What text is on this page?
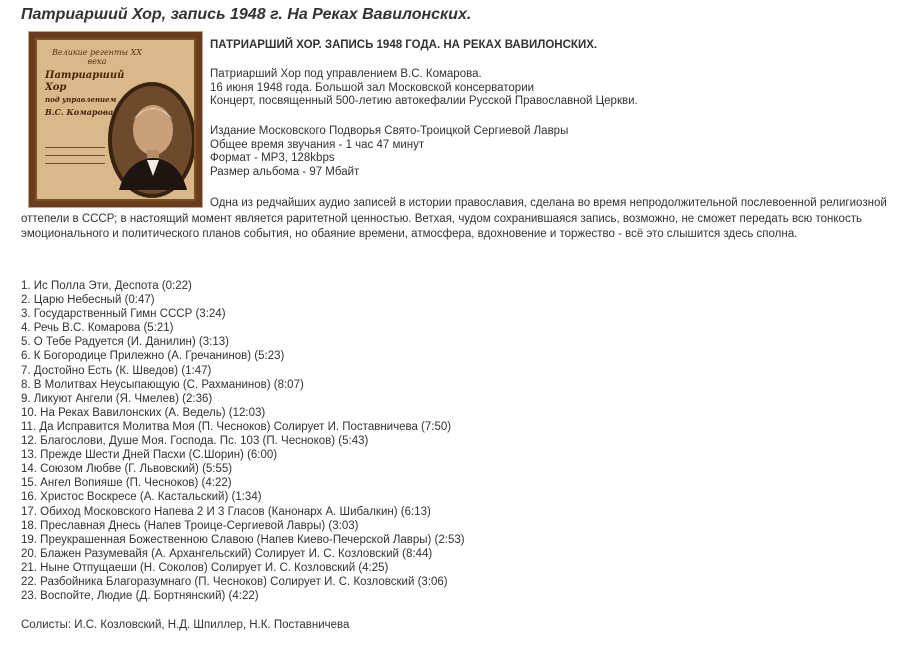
Патриарший Хор, запись 1948 г. На Реках Вавилонских.
Великие регенты XX века
Патриарший
Хор
под управлением
В.С. Комарова
ПАТРИАРШИЙ ХОР. ЗАПИСЬ 1948 ГОДА. НА РЕКАХ ВАВИЛОНСКИХ.
Патриарший Хор под управлением В.С. Комарова.
16 июня 1948 года. Большой зал Московской консерватории
Концерт, посвященный 500-летию автокефалии Русской Православной Церкви.
Издание Московского Подворья Свято-Троицкой Сергиевой Лавры
Общее время звучания - 1 час 47 минут
Формат - MP3, 128kbps
Размер альбома - 97 Мбайт

Одна из редчайших аудио записей в истории православия, сделана во время непродолжительной послевоенной религиозной оттепели в СССР; в настоящий момент является раритетной ценностью. Ветхая, чудом сохранившаяся запись, возможно, не сможет передать всю тонкость эмоционального и политического планов события, но обаяние времени, атмосфера, вдохновение и торжество - всё это слышится здесь сполна.

1. Ис Полла Эти, Деспота (0:22)
2. Царю Небесный (0:47)
3. Государственный Гимн СССР (3:24)
4. Речь В.С. Комарова (5:21)
5. О Тебе Радуется (И. Данилин) (3:13)
6. К Богородице Прилежно (А. Гречанинов) (5:23)
7. Достойно Есть (К. Шведов) (1:47)
8. В Молитвах Неусыпающую (С. Рахманинов) (8:07)
9. Ликуют Ангели (Я. Чмелев) (2:36)
10. На Реках Вавилонских (А. Ведель) (12:03)
11. Да Исправится Молитва Моя (П. Чесноков) Солирует И. Поставничева (7:50)
12. Благослови, Душе Моя. Господа. Пс. 103 (П. Чесноков) (5:43)
13. Прежде Шести Дней Пасхи (С.Шорин) (6:00)
14. Союзом Любве (Г. Львовский) (5:55)
15. Ангел Вопияше (П. Чесноков) (4:22)
16. Христос Воскресе (А. Кастальский) (1:34)
17. Обиход Московского Напева 2 И 3 Гласов (Канонарх А. Шибалкин) (6:13)
18. Преславная Днесь (Напев Троице-Сергиевой Лавры) (3:03)
19. Преукрашенная Божественною Славою (Напев Киево-Печерской Лавры) (2:53)
20. Блажен Разумевайя (А. Архангельский) Солирует И. С. Козловский (8:44)
21. Ныне Отпущаеши (Н. Соколов) Солирует И. С. Козловский (4:25)
22. Разбойника Благоразумнаго (П. Чесноков) Солирует И. С. Козловский (3:06)
23. Воспойте, Людие (Д. Бортнянский) (4:22)
Солисты: И.С. Козловский, Н.Д. Шпиллер, Н.К. Поставничева
